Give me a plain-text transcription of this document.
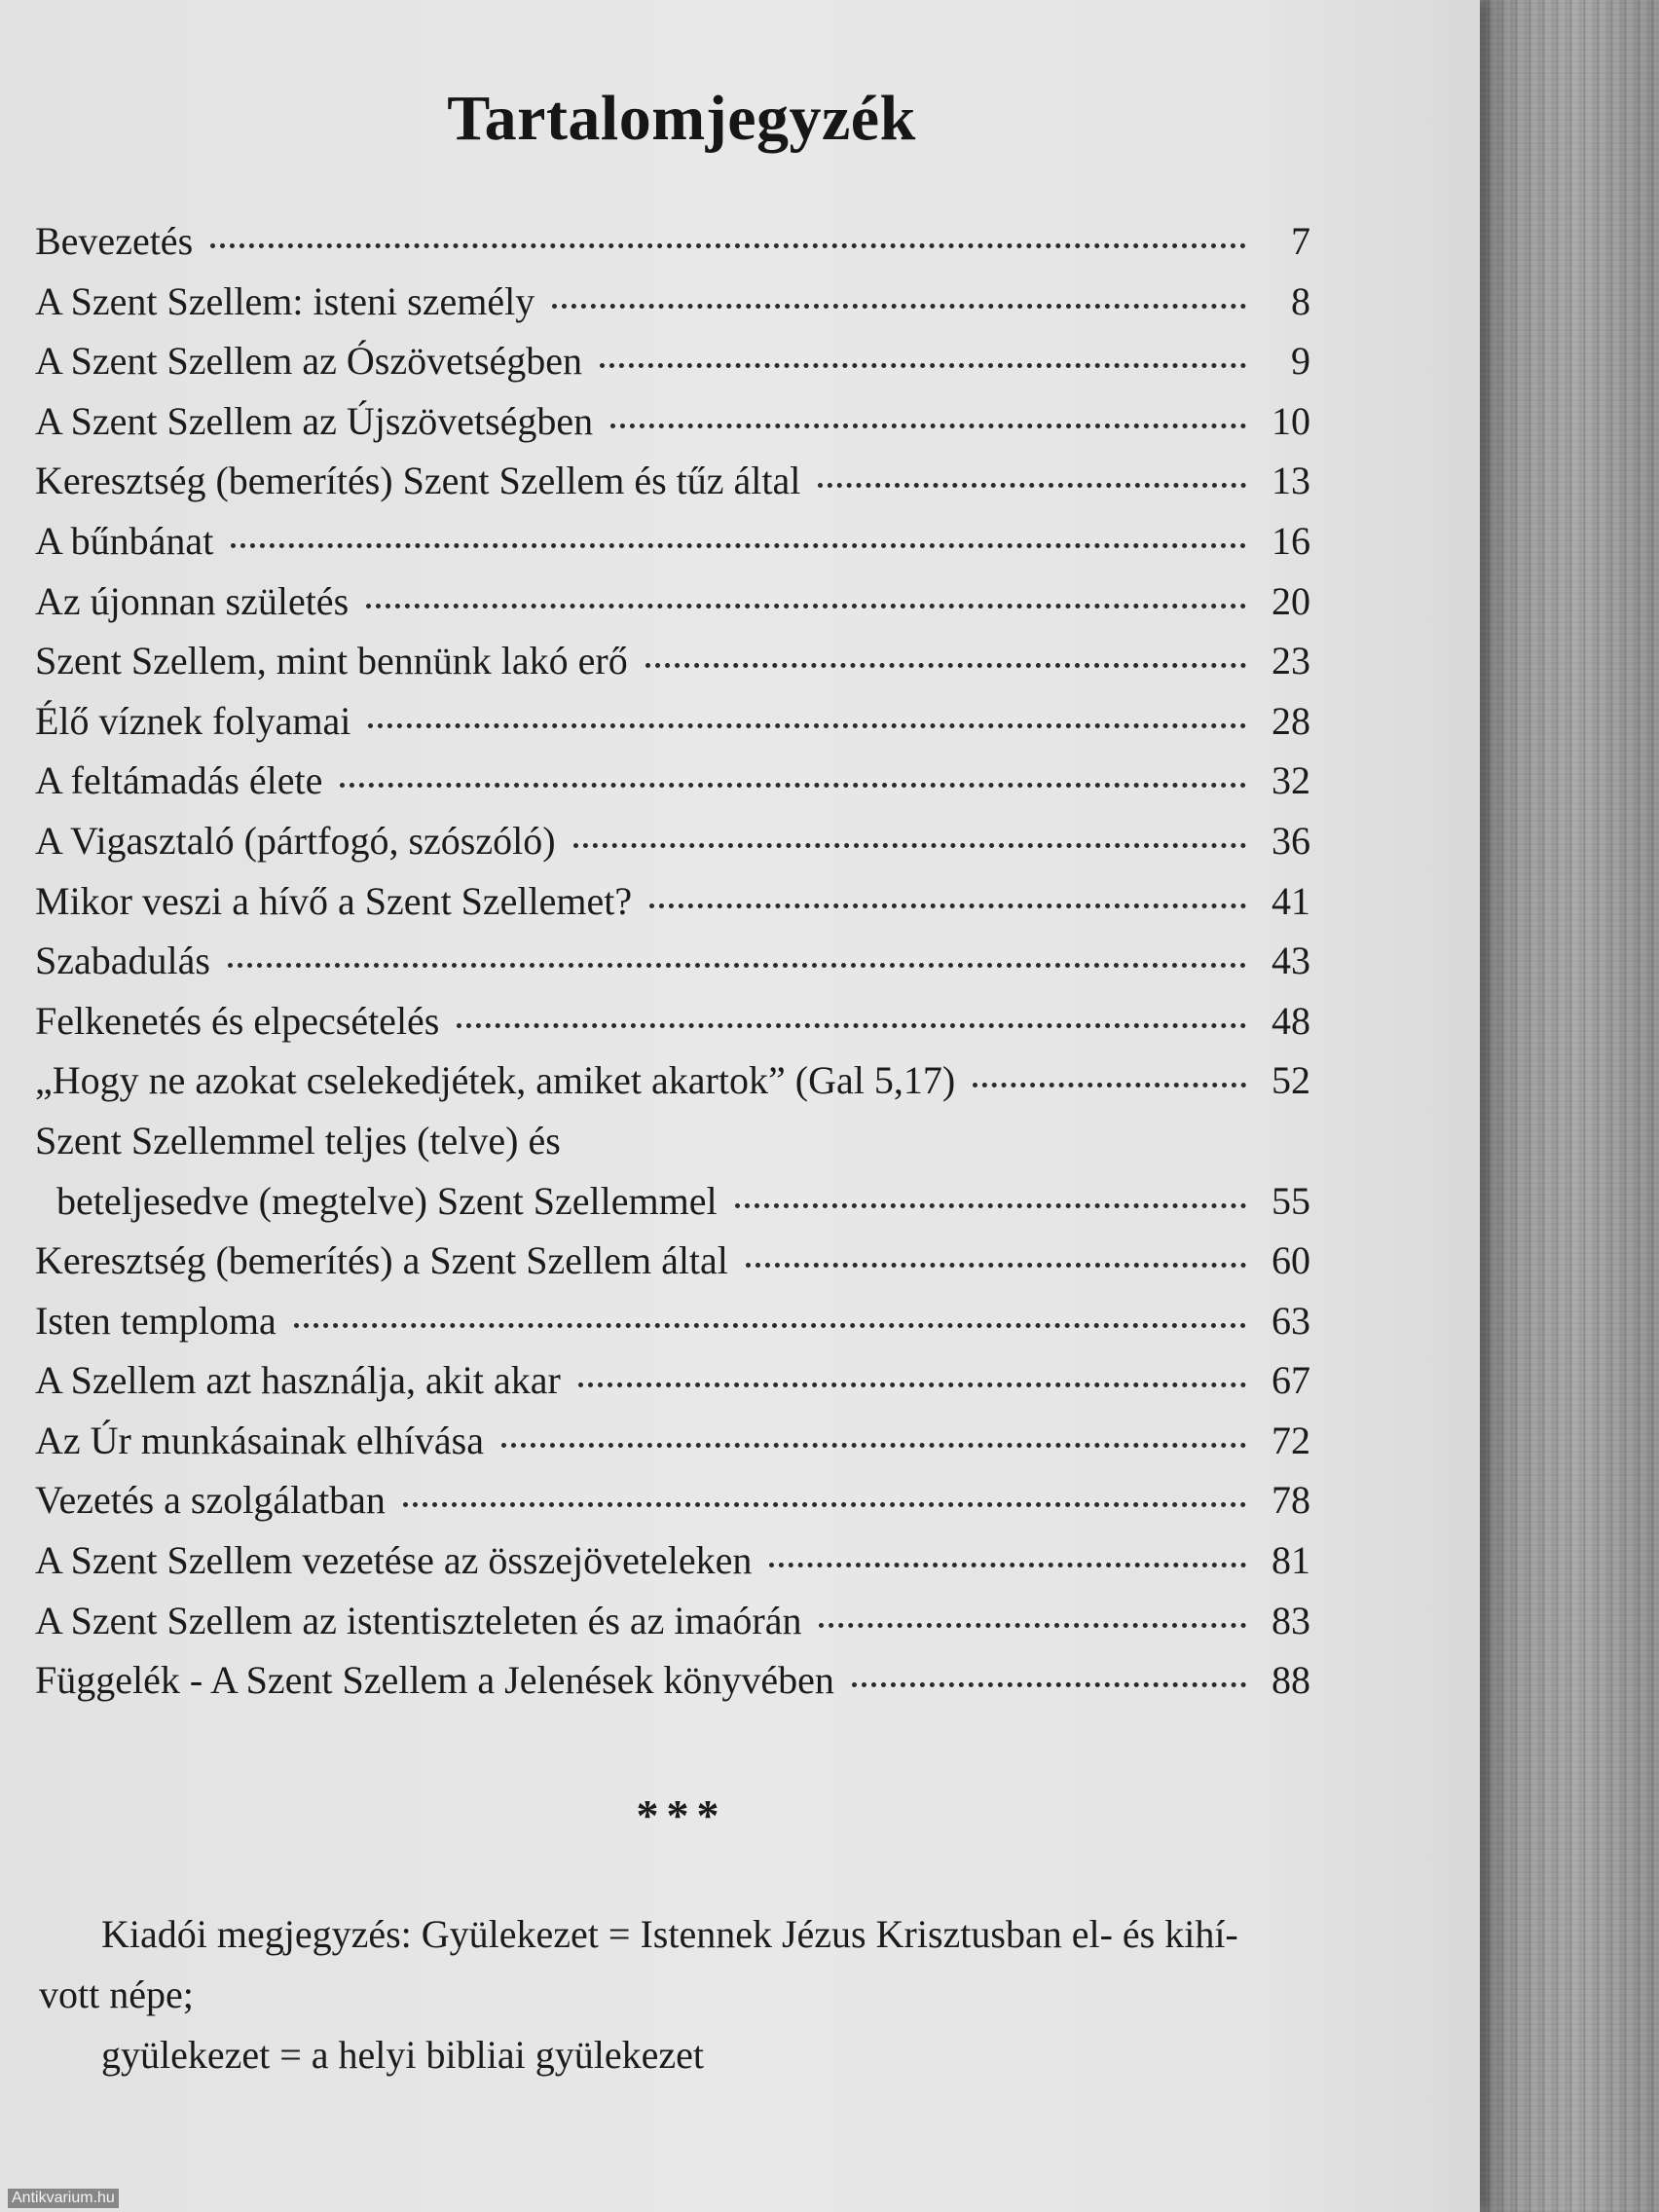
Tartalomjegyzék
Bevezetés	7
A Szent Szellem: isteni személy	8
A Szent Szellem az Ószövetségben	9
A Szent Szellem az Újszövetségben	10
Keresztség (bemerítés) Szent Szellem és tűz által	13
A bűnbánat	16
Az újonnan születés	20
Szent Szellem, mint bennünk lakó erő	23
Élő víznek folyamai	28
A feltámadás élete	32
A Vigasztaló (pártfogó, szószóló)	36
Mikor veszi a hívő a Szent Szellemet?	41
Szabadulás	43
Felkenetés és elpecsételés	48
„Hogy ne azokat cselekedjétek, amiket akartok” (Gal 5,17)	52
Szent Szellemmel teljes (telve) és
beteljesedve (megtelve) Szent Szellemmel	55
Keresztség (bemerítés) a Szent Szellem által	60
Isten temploma	63
A Szellem azt használja, akit akar	67
Az Úr munkásainak elhívása	72
Vezetés a szolgálatban	78
A Szent Szellem vezetése az összejöveteleken	81
A Szent Szellem az istentiszteleten és az imaórán	83
Függelék - A Szent Szellem a Jelenések könyvében	88
***

Kiadói megjegyzés: Gyülekezet = Istennek Jézus Krisztusban el- és kihí-

vott népe;

gyülekezet = a helyi bibliai gyülekezet

Antikvarium.hu
